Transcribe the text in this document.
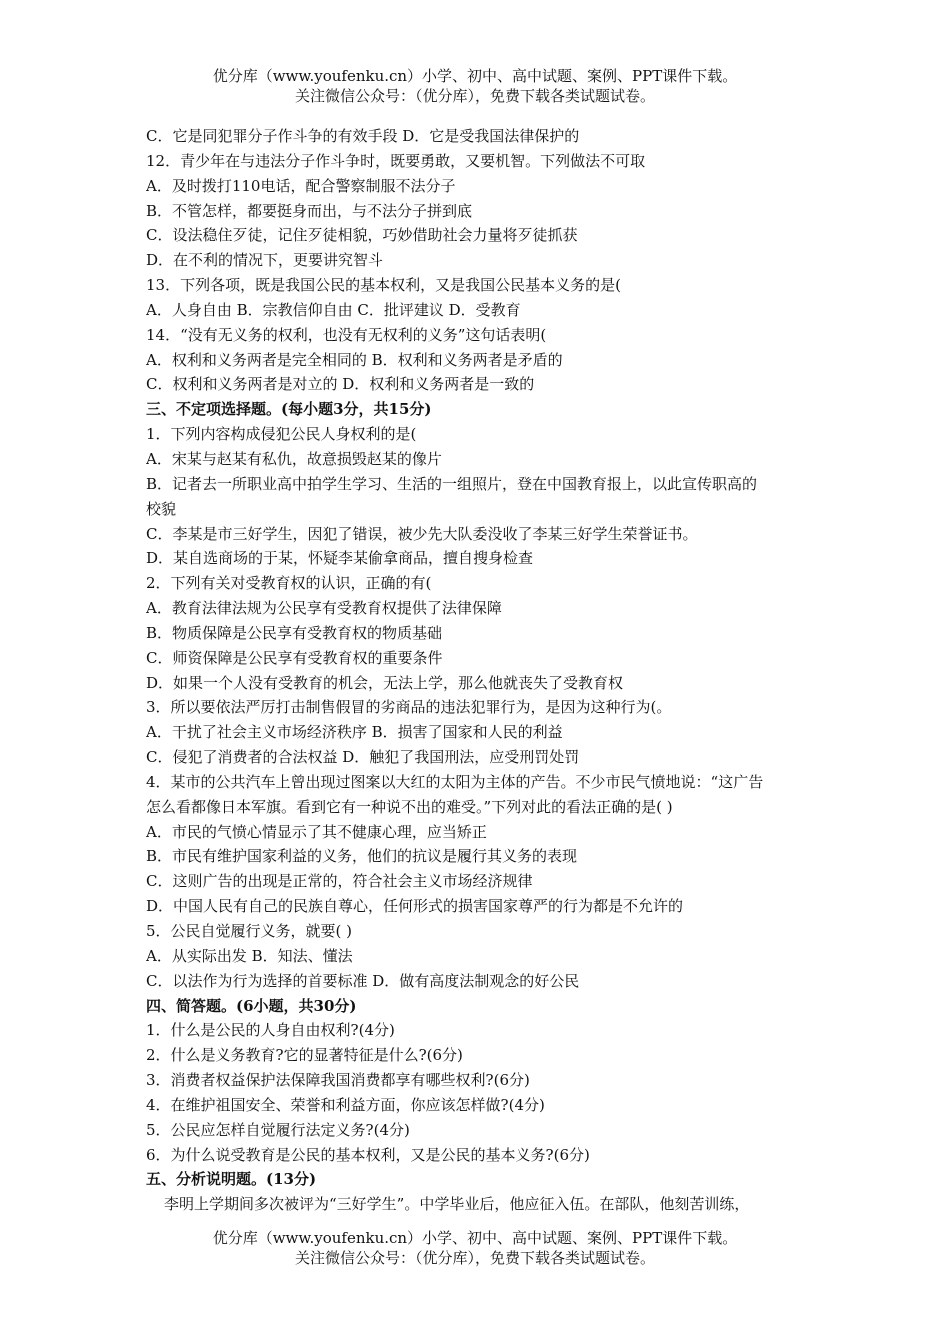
优分库（www.youfenku.cn）小学、初中、高中试题、案例、PPT课件下载。
关注微信公众号：（优分库），免费下载各类试题试卷。
C．它是同犯罪分子作斗争的有效手段 D．它是受我国法律保护的
12．青少年在与违法分子作斗争时，既要勇敢，又要机智。下列做法不可取
A．及时拨打110电话，配合警察制服不法分子
B．不管怎样，都要挺身而出，与不法分子拼到底
C．设法稳住歹徒，记住歹徒相貌，巧妙借助社会力量将歹徒抓获
D．在不利的情况下，更要讲究智斗
13．下列各项，既是我国公民的基本权利，又是我国公民基本义务的是(
A．人身自由 B．宗教信仰自由 C．批评建议 D．受教育
14．“没有无义务的权利，也没有无权利的义务”这句话表明(
A．权利和义务两者是完全相同的 B．权利和义务两者是矛盾的
C．权利和义务两者是对立的 D．权利和义务两者是一致的
三、不定项选择题。(每小题3分，共15分)
1．下列内容构成侵犯公民人身权利的是(
A．宋某与赵某有私仇，故意损毁赵某的像片
B．记者去一所职业高中拍学生学习、生活的一组照片，登在中国教育报上，以此宣传职高的
校貌
C．李某是市三好学生，因犯了错误，被少先大队委没收了李某三好学生荣誉证书。
D．某自选商场的于某，怀疑李某偷拿商品，擅自搜身检查
2．下列有关对受教育权的认识，正确的有(
A．教育法律法规为公民享有受教育权提供了法律保障
B．物质保障是公民享有受教育权的物质基础
C．师资保障是公民享有受教育权的重要条件
D．如果一个人没有受教育的机会，无法上学，那么他就丧失了受教育权
3．所以要依法严厉打击制售假冒的劣商品的违法犯罪行为，是因为这种行为(。
A．干扰了社会主义市场经济秩序 B．损害了国家和人民的利益
C．侵犯了消费者的合法权益 D．触犯了我国刑法，应受刑罚处罚
4．某市的公共汽车上曾出现过图案以大红的太阳为主体的产告。不少市民气愤地说：“这广告
怎么看都像日本军旗。看到它有一种说不出的难受。”下列对此的看法正确的是( )
A．市民的气愤心情显示了其不健康心理，应当矫正
B．市民有维护国家利益的义务，他们的抗议是履行其义务的表现
C．这则广告的出现是正常的，符合社会主义市场经济规律
D．中国人民有自己的民族自尊心，任何形式的损害国家尊严的行为都是不允许的
5．公民自觉履行义务，就要( )
A．从实际出发 B．知法、懂法
C．以法作为行为选择的首要标准 D．做有高度法制观念的好公民
四、简答题。(6小题，共30分)
1．什么是公民的人身自由权利?(4分)
2．什么是义务教育?它的显著特征是什么?(6分)
3．消费者权益保护法保障我国消费都享有哪些权利?(6分)
4．在维护祖国安全、荣誉和利益方面，你应该怎样做?(4分)
5．公民应怎样自觉履行法定义务?(4分)
6．为什么说受教育是公民的基本权利，又是公民的基本义务?(6分)
五、分析说明题。(13分)
李明上学期间多次被评为“三好学生”。中学毕业后，他应征入伍。在部队，他刻苦训练，
优分库（www.youfenku.cn）小学、初中、高中试题、案例、PPT课件下载。
关注微信公众号：（优分库），免费下载各类试题试卷。
